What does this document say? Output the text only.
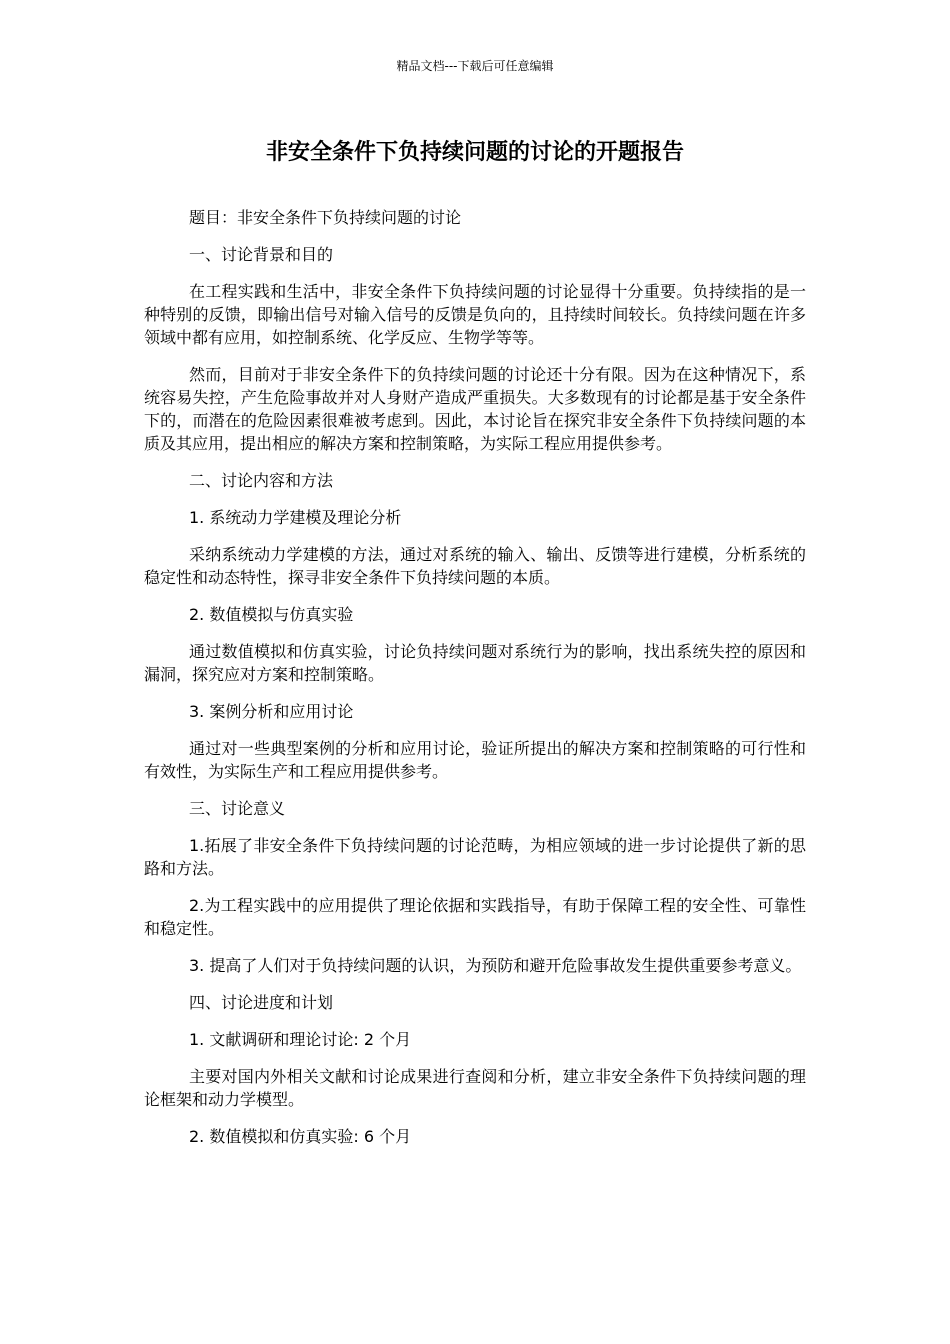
精品文档---下载后可任意编辑
非安全条件下负持续问题的讨论的开题报告

题目：非安全条件下负持续问题的讨论

一、讨论背景和目的

在工程实践和生活中，非安全条件下负持续问题的讨论显得十分重要。负持续指的是一种特别的反馈，即输出信号对输入信号的反馈是负向的，且持续时间较长。负持续问题在许多领域中都有应用，如控制系统、化学反应、生物学等等。

然而，目前对于非安全条件下的负持续问题的讨论还十分有限。因为在这种情况下，系统容易失控，产生危险事故并对人身财产造成严重损失。大多数现有的讨论都是基于安全条件下的，而潜在的危险因素很难被考虑到。因此，本讨论旨在探究非安全条件下负持续问题的本质及其应用，提出相应的解决方案和控制策略，为实际工程应用提供参考。

二、讨论内容和方法

1. 系统动力学建模及理论分析

采纳系统动力学建模的方法，通过对系统的输入、输出、反馈等进行建模，分析系统的稳定性和动态特性，探寻非安全条件下负持续问题的本质。

2. 数值模拟与仿真实验

通过数值模拟和仿真实验，讨论负持续问题对系统行为的影响，找出系统失控的原因和漏洞，探究应对方案和控制策略。

3. 案例分析和应用讨论

通过对一些典型案例的分析和应用讨论，验证所提出的解决方案和控制策略的可行性和有效性，为实际生产和工程应用提供参考。

三、讨论意义

1.拓展了非安全条件下负持续问题的讨论范畴，为相应领域的进一步讨论提供了新的思路和方法。

2.为工程实践中的应用提供了理论依据和实践指导，有助于保障工程的安全性、可靠性和稳定性。

3. 提高了人们对于负持续问题的认识，为预防和避开危险事故发生提供重要参考意义。

四、讨论进度和计划

1. 文献调研和理论讨论: 2 个月

主要对国内外相关文献和讨论成果进行查阅和分析，建立非安全条件下负持续问题的理论框架和动力学模型。

2. 数值模拟和仿真实验: 6 个月
